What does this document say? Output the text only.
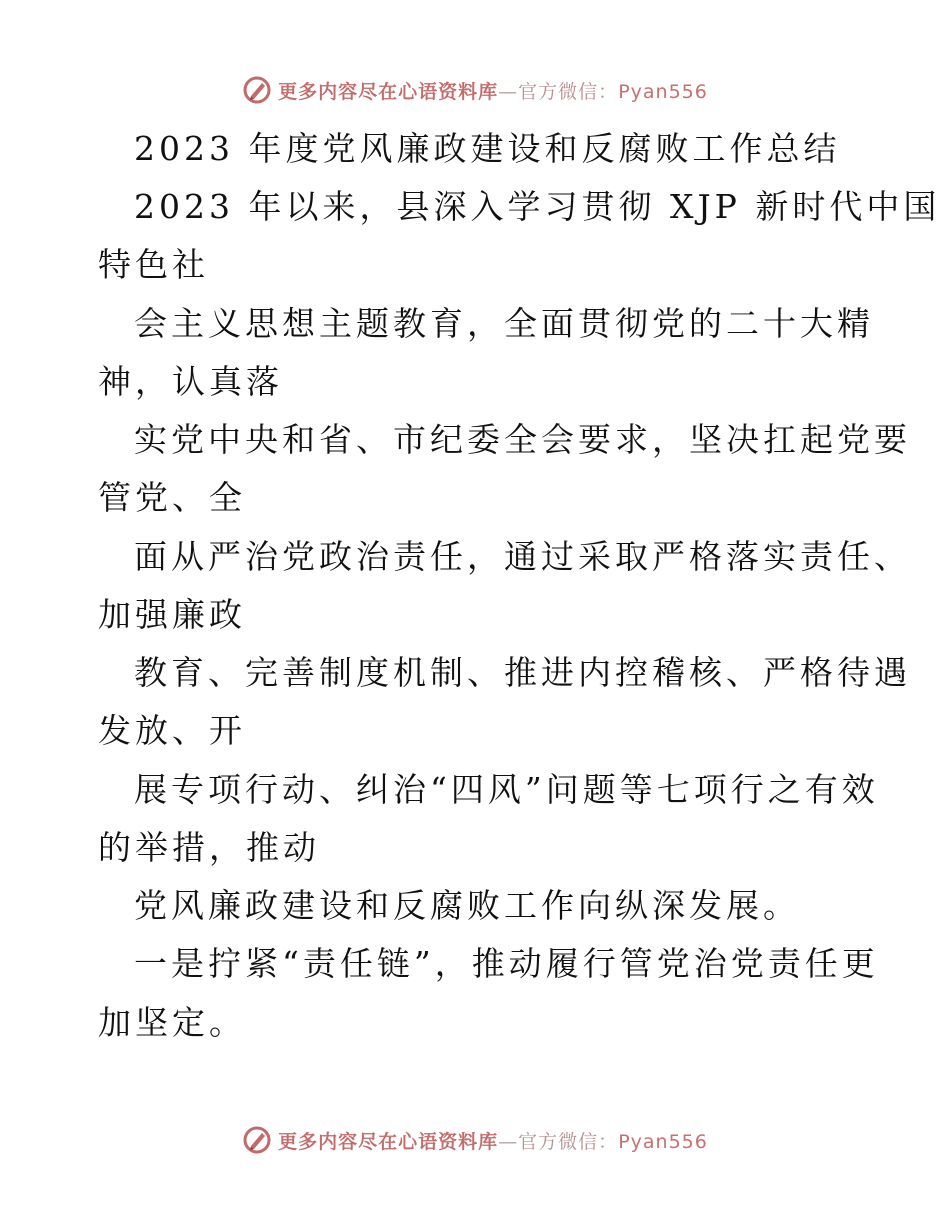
更多内容尽在心语资料库—官方微信：Pyan556
2023 年度党风廉政建设和反腐败工作总结
2023 年以来，县深入学习贯彻 XJP 新时代中国
特色社
会主义思想主题教育，全面贯彻党的二十大精
神，认真落
实党中央和省、市纪委全会要求，坚决扛起党要
管党、全
面从严治党政治责任，通过采取严格落实责任、
加强廉政
教育、完善制度机制、推进内控稽核、严格待遇
发放、开
展专项行动、纠治“四风”问题等七项行之有效
的举措，推动
党风廉政建设和反腐败工作向纵深发展。
一是拧紧“责任链”，推动履行管党治党责任更
加坚定。
更多内容尽在心语资料库—官方微信：Pyan556
